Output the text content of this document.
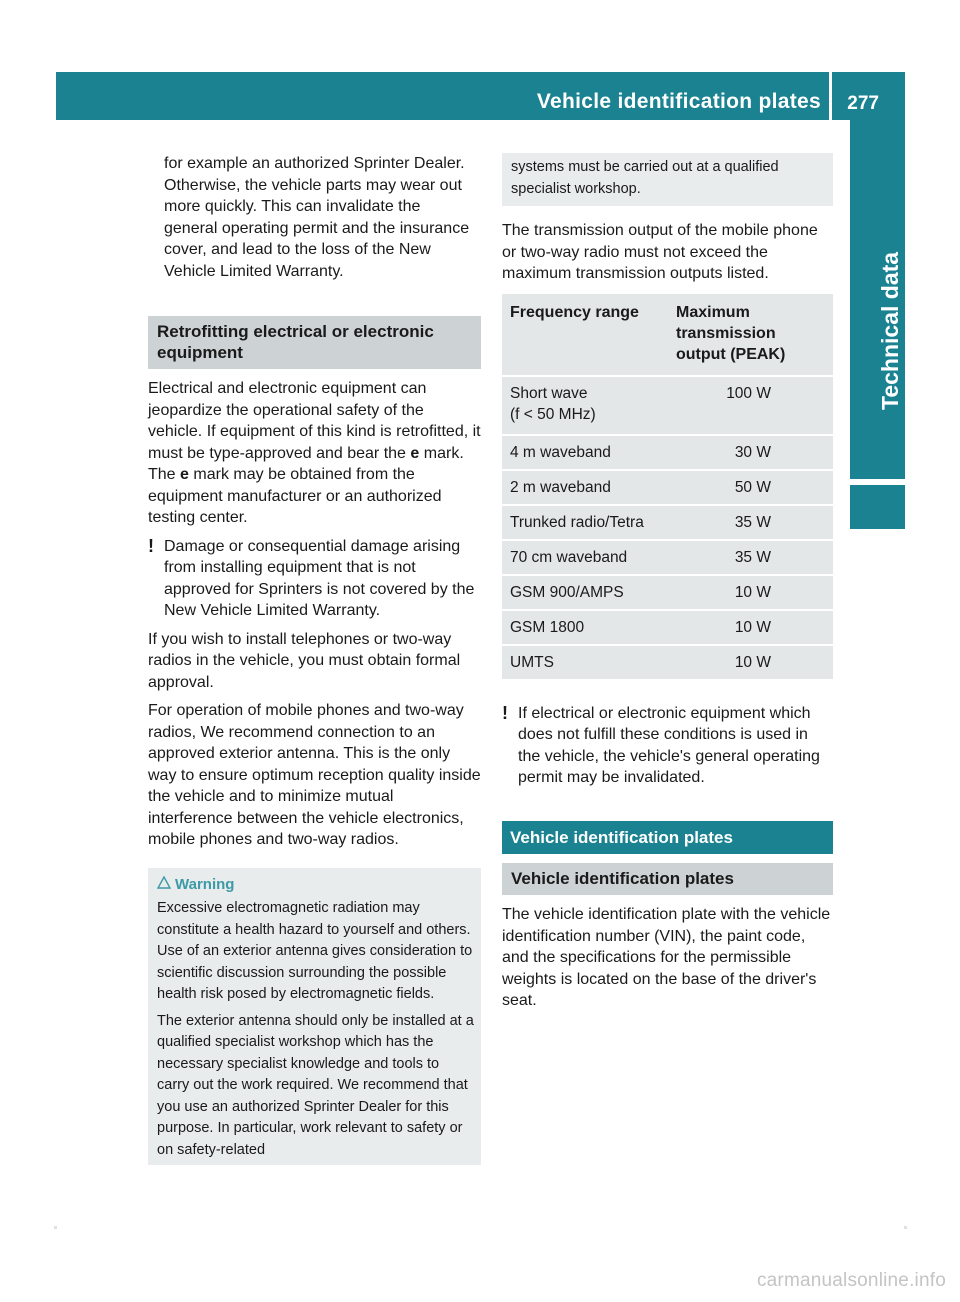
Vehicle identification plates 277
Technical data
for example an authorized Sprinter Dealer.
Otherwise, the vehicle parts may wear out
more quickly. This can invalidate the
general operating permit and the insurance
cover, and lead to the loss of the New
Vehicle Limited Warranty.
Retrofitting electrical or electronic equipment

Electrical and electronic equipment can jeopardize the operational safety of the vehicle. If equipment of this kind is retrofitted, it must be type-approved and bear the e mark. The e mark may be obtained from the equipment manufacturer or an authorized testing center.

! Damage or consequential damage arising from installing equipment that is not approved for Sprinters is not covered by the New Vehicle Limited Warranty.

If you wish to install telephones or two-way radios in the vehicle, you must obtain formal approval.

For operation of mobile phones and two-way radios, We recommend connection to an approved exterior antenna. This is the only way to ensure optimum reception quality inside the vehicle and to minimize mutual interference between the vehicle electronics, mobile phones and two-way radios.

Warning

Excessive electromagnetic radiation may constitute a health hazard to yourself and others. Use of an exterior antenna gives consideration to scientific discussion surrounding the possible health risk posed by electromagnetic fields.

The exterior antenna should only be installed at a qualified specialist workshop which has the necessary specialist knowledge and tools to carry out the work required. We recommend that you use an authorized Sprinter Dealer for this purpose. In particular, work relevant to safety or on safety-related

systems must be carried out at a qualified specialist workshop.

The transmission output of the mobile phone or two-way radio must not exceed the maximum transmission outputs listed.

Frequency range	Maximum transmission output (PEAK)

Short wave
(f < 50 MHz)	100 W
4 m waveband	30 W
2 m waveband	50 W
Trunked radio/Tetra	35 W
70 cm waveband	35 W
GSM 900/AMPS	10 W
GSM 1800	10 W
UMTS	10 W

! If electrical or electronic equipment which does not fulfill these conditions is used in the vehicle, the vehicle's general operating permit may be invalidated.

Vehicle identification plates
Vehicle identification plates

The vehicle identification plate with the vehicle identification number (VIN), the paint code, and the specifications for the permissible weights is located on the base of the driver's seat.

carmanualsonline.info
